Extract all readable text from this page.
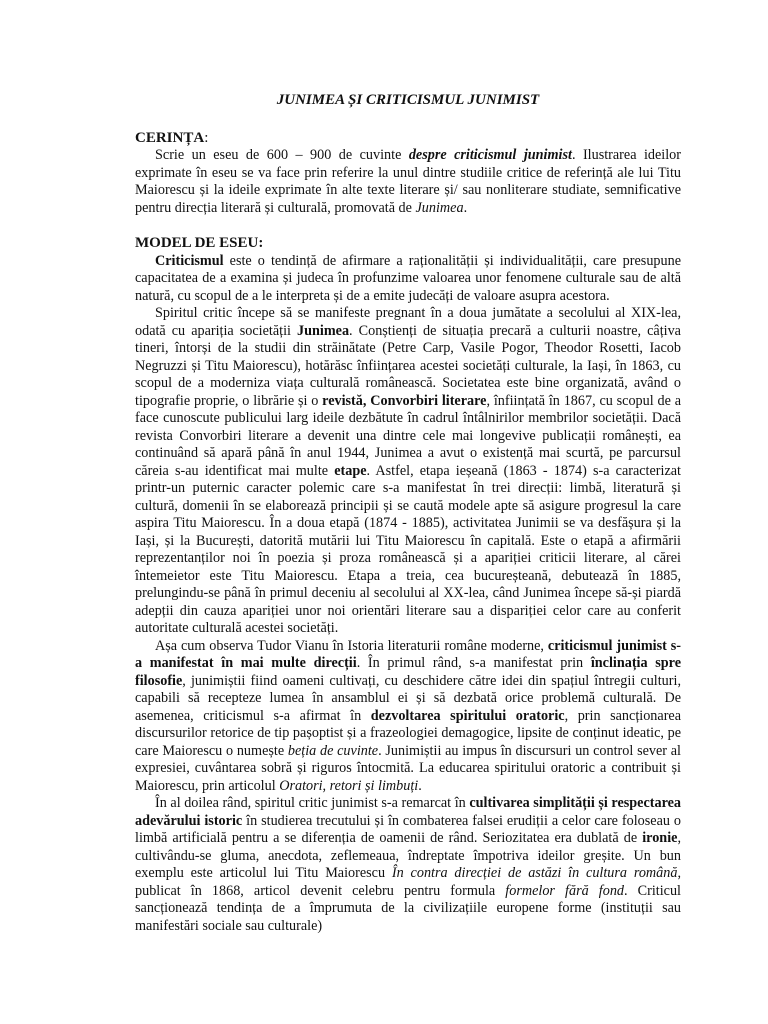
JUNIMEA ȘI CRITICISMUL JUNIMIST
CERINȚA:

Scrie un eseu de 600 – 900 de cuvinte despre criticismul junimist. Ilustrarea ideilor exprimate în eseu se va face prin referire la unul dintre studiile critice de referință ale lui Titu Maiorescu și la ideile exprimate în alte texte literare și/ sau nonliterare studiate, semnificative pentru direcția literară și culturală, promovată de Junimea.

MODEL DE ESEU:

Criticismul este o tendință de afirmare a raționalității și individualității, care presupune capacitatea de a examina și judeca în profunzime valoarea unor fenomene culturale sau de altă natură, cu scopul de a le interpreta și de a emite judecăți de valoare asupra acestora.

Spiritul critic începe să se manifeste pregnant în a doua jumătate a secolului al XIX-lea, odată cu apariția societății Junimea. Conștienți de situația precară a culturii noastre, câțiva tineri, întorși de la studii din străinătate (Petre Carp, Vasile Pogor, Theodor Rosetti, Iacob Negruzzi și Titu Maiorescu), hotărăsc înființarea acestei societăți culturale, la Iași, în 1863, cu scopul de a moderniza viața culturală românească. Societatea este bine organizată, având o tipografie proprie, o librărie și o revistă, Convorbiri literare, înființată în 1867, cu scopul de a face cunoscute publicului larg ideile dezbătute în cadrul întâlnirilor membrilor societății. Dacă revista Convorbiri literare a devenit una dintre cele mai longevive publicații românești, ea continuând să apară până în anul 1944, Junimea a avut o existență mai scurtă, pe parcursul căreia s-au identificat mai multe etape. Astfel, etapa ieșeană (1863 - 1874) s-a caracterizat printr-un puternic caracter polemic care s-a manifestat în trei direcții: limbă, literatură și cultură, domenii în se elaborează principii și se caută modele apte să asigure progresul la care aspira Titu Maiorescu. În a doua etapă (1874 - 1885), activitatea Junimii se va desfășura și la Iași, și la București, datorită mutării lui Titu Maiorescu în capitală. Este o etapă a afirmării reprezentanților noi în poezia și proza românească și a apariției criticii literare, al cărei întemeietor este Titu Maiorescu. Etapa a treia, cea bucureșteană, debutează în 1885, prelungindu-se până în primul deceniu al secolului al XX-lea, când Junimea începe să-și piardă adepții din cauza apariției unor noi orientări literare sau a dispariției celor care au conferit autoritate culturală acestei societăți.

Așa cum observa Tudor Vianu în Istoria literaturii române moderne, criticismul junimist s-a manifestat în mai multe direcții. În primul rând, s-a manifestat prin înclinația spre filosofie, junimiștii fiind oameni cultivați, cu deschidere către idei din spațiul întregii culturi, capabili să recepteze lumea în ansamblul ei și să dezbată orice problemă culturală. De asemenea, criticismul s-a afirmat în dezvoltarea spiritului oratoric, prin sancționarea discursurilor retorice de tip pașoptist și a frazeologiei demagogice, lipsite de conținut ideatic, pe care Maiorescu o numește beția de cuvinte. Junimiștii au impus în discursuri un control sever al expresiei, cuvântarea sobră și riguros întocmită. La educarea spiritului oratoric a contribuit și Maiorescu, prin articolul Oratori, retori și limbuți.

În al doilea rând, spiritul critic junimist s-a remarcat în cultivarea simplității și respectarea adevărului istoric în studierea trecutului și în combaterea falsei erudiții a celor care foloseau o limbă artificială pentru a se diferenția de oamenii de rând. Seriozitatea era dublată de ironie, cultivându-se gluma, anecdota, zeflemeaua, îndreptate împotriva ideilor greșite. Un bun exemplu este articolul lui Titu Maiorescu În contra direcției de astăzi în cultura română, publicat în 1868, articol devenit celebru pentru formula formelor fără fond. Criticul sancționează tendința de a împrumuta de la civilizațiile europene forme (instituții sau manifestări sociale sau culturale)
